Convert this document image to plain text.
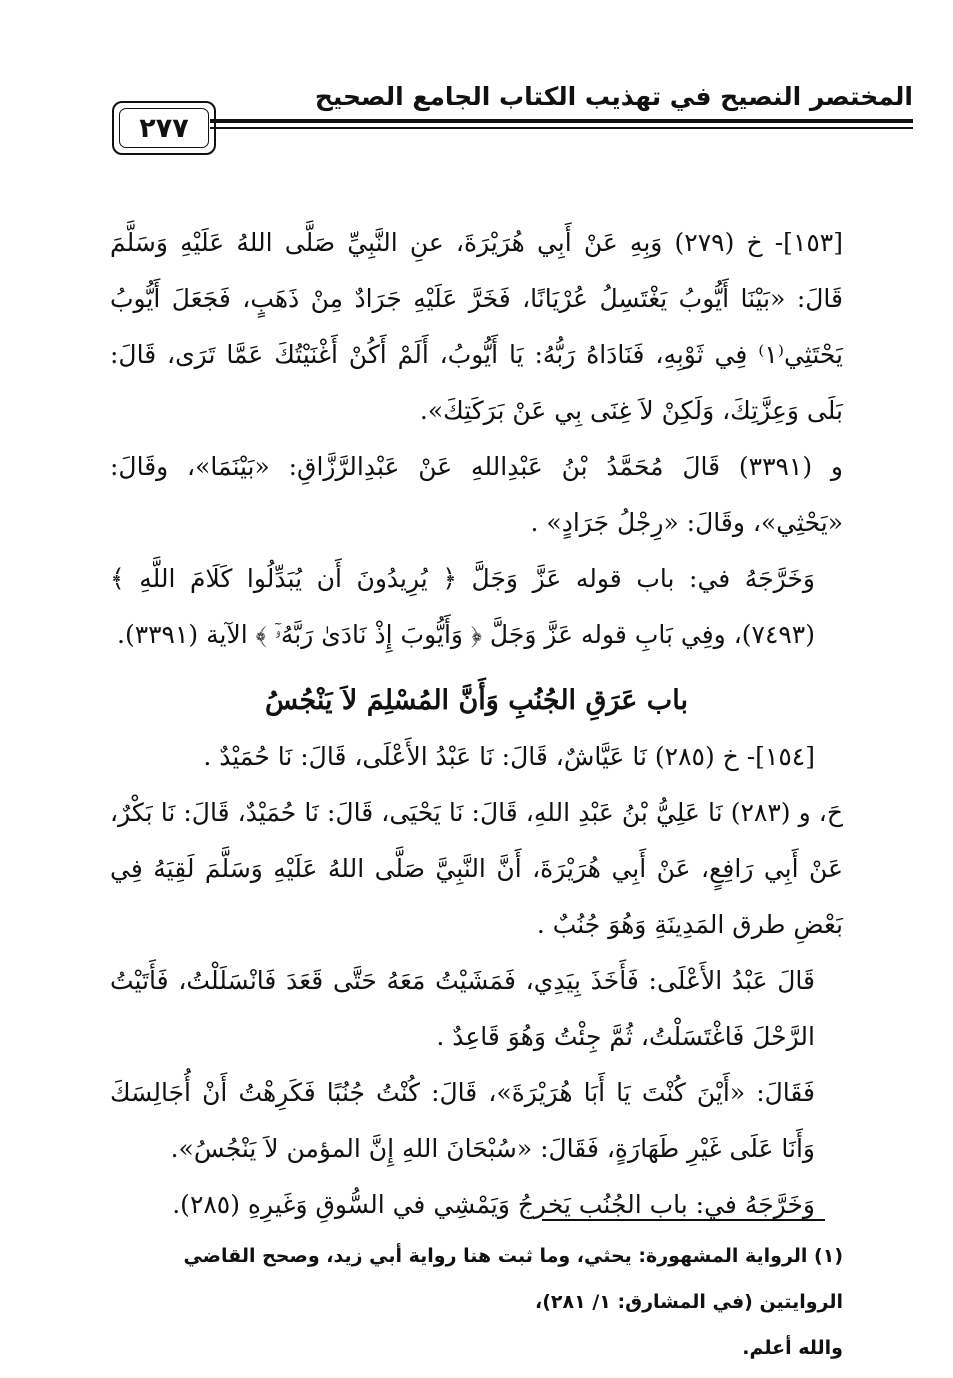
المختصر النصيح في تهذيب الكتاب الجامع الصحيح
٢٧٧

[١٥٣]- خ (٢٧٩) وَبِهِ عَنْ أَبِي هُرَيْرَةَ، عنِ النَّبِيِّ صَلَّى اللهُ عَلَيْهِ وَسَلَّمَ قَالَ: «بَيْنَا أَيُّوبُ يَغْتَسِلُ عُرْيَانًا، فَخَرَّ عَلَيْهِ جَرَادٌ مِنْ ذَهَبٍ، فَجَعَلَ أَيُّوبُ يَحْتَثِي⁽١⁾ فِي ثَوْبِهِ، فَنَادَاهُ رَبُّهُ: يَا أَيُّوبُ، أَلَمْ أَكُنْ أَغْنَيْتُكَ عَمَّا تَرَى، قَالَ: بَلَى وَعِزَّتِكَ، وَلَكِنْ لاَ غِنَى بِي عَنْ بَرَكَتِكَ».

و (٣٣٩١) قَالَ مُحَمَّدُ بْنُ عَبْدِاللهِ عَنْ عَبْدِالرَّزَّاقِ: «بَيْنَمَا»، وقَالَ: «يَحْثِي»، وقَالَ: «رِجْلُ جَرَادٍ» .

وَخَرَّجَهُ في: باب قوله عَزَّ وَجَلَّ ﴿ يُرِيدُونَ أَن يُبَدِّلُوا كَلَامَ اللَّهِ ﴾ (٧٤٩٣)، وفِي بَابِ قوله عَزَّ وَجَلَّ ﴿ وَأَيُّوبَ إِذْ نَادَىٰ رَبَّهُۥٓ ﴾ الآية (٣٣٩١).

باب عَرَقِ الجُنُبِ وَأَنَّ المُسْلِمَ لاَ يَنْجُسُ

[١٥٤]- خ (٢٨٥) نَا عَيَّاشٌ، قَالَ: نَا عَبْدُ الأَعْلَى، قَالَ: نَا حُمَيْدٌ .

حَ، و (٢٨٣) نَا عَلِيُّ بْنُ عَبْدِ اللهِ، قَالَ: نَا يَحْيَى، قَالَ: نَا حُمَيْدٌ، قَالَ: نَا بَكْرٌ، عَنْ أَبِي رَافِعٍ، عَنْ أَبِي هُرَيْرَةَ، أَنَّ النَّبِيَّ صَلَّى اللهُ عَلَيْهِ وَسَلَّمَ لَقِيَهُ فِي بَعْضِ طرق المَدِينَةِ وَهُوَ جُنُبٌ .

قَالَ عَبْدُ الأَعْلَى: فَأَخَذَ بِيَدِي، فَمَشَيْتُ مَعَهُ حَتَّى قَعَدَ فَانْسَلَلْتُ، فَأَتَيْتُ الرَّحْلَ فَاغْتَسَلْتُ، ثُمَّ جِئْتُ وَهُوَ قَاعِدٌ .

فَقَالَ: «أَيْنَ كُنْتَ يَا أَبَا هُرَيْرَةَ»، قَالَ: كُنْتُ جُنُبًا فَكَرِهْتُ أَنْ أُجَالِسَكَ وَأَنَا عَلَى غَيْرِ طَهَارَةٍ، فَقَالَ: «سُبْحَانَ اللهِ إِنَّ المؤمن لاَ يَنْجُسُ».

وَخَرَّجَهُ في: باب الجُنُب يَخرجُ وَيَمْشِي في السُّوقِ وَغَيرِهِ (٢٨٥).

(١) الرواية المشهورة: يحثي، وما ثبت هنا رواية أبي زيد، وصحح القاضي الروايتين (في المشارق: ١/ ٢٨١)،

والله أعلم.
